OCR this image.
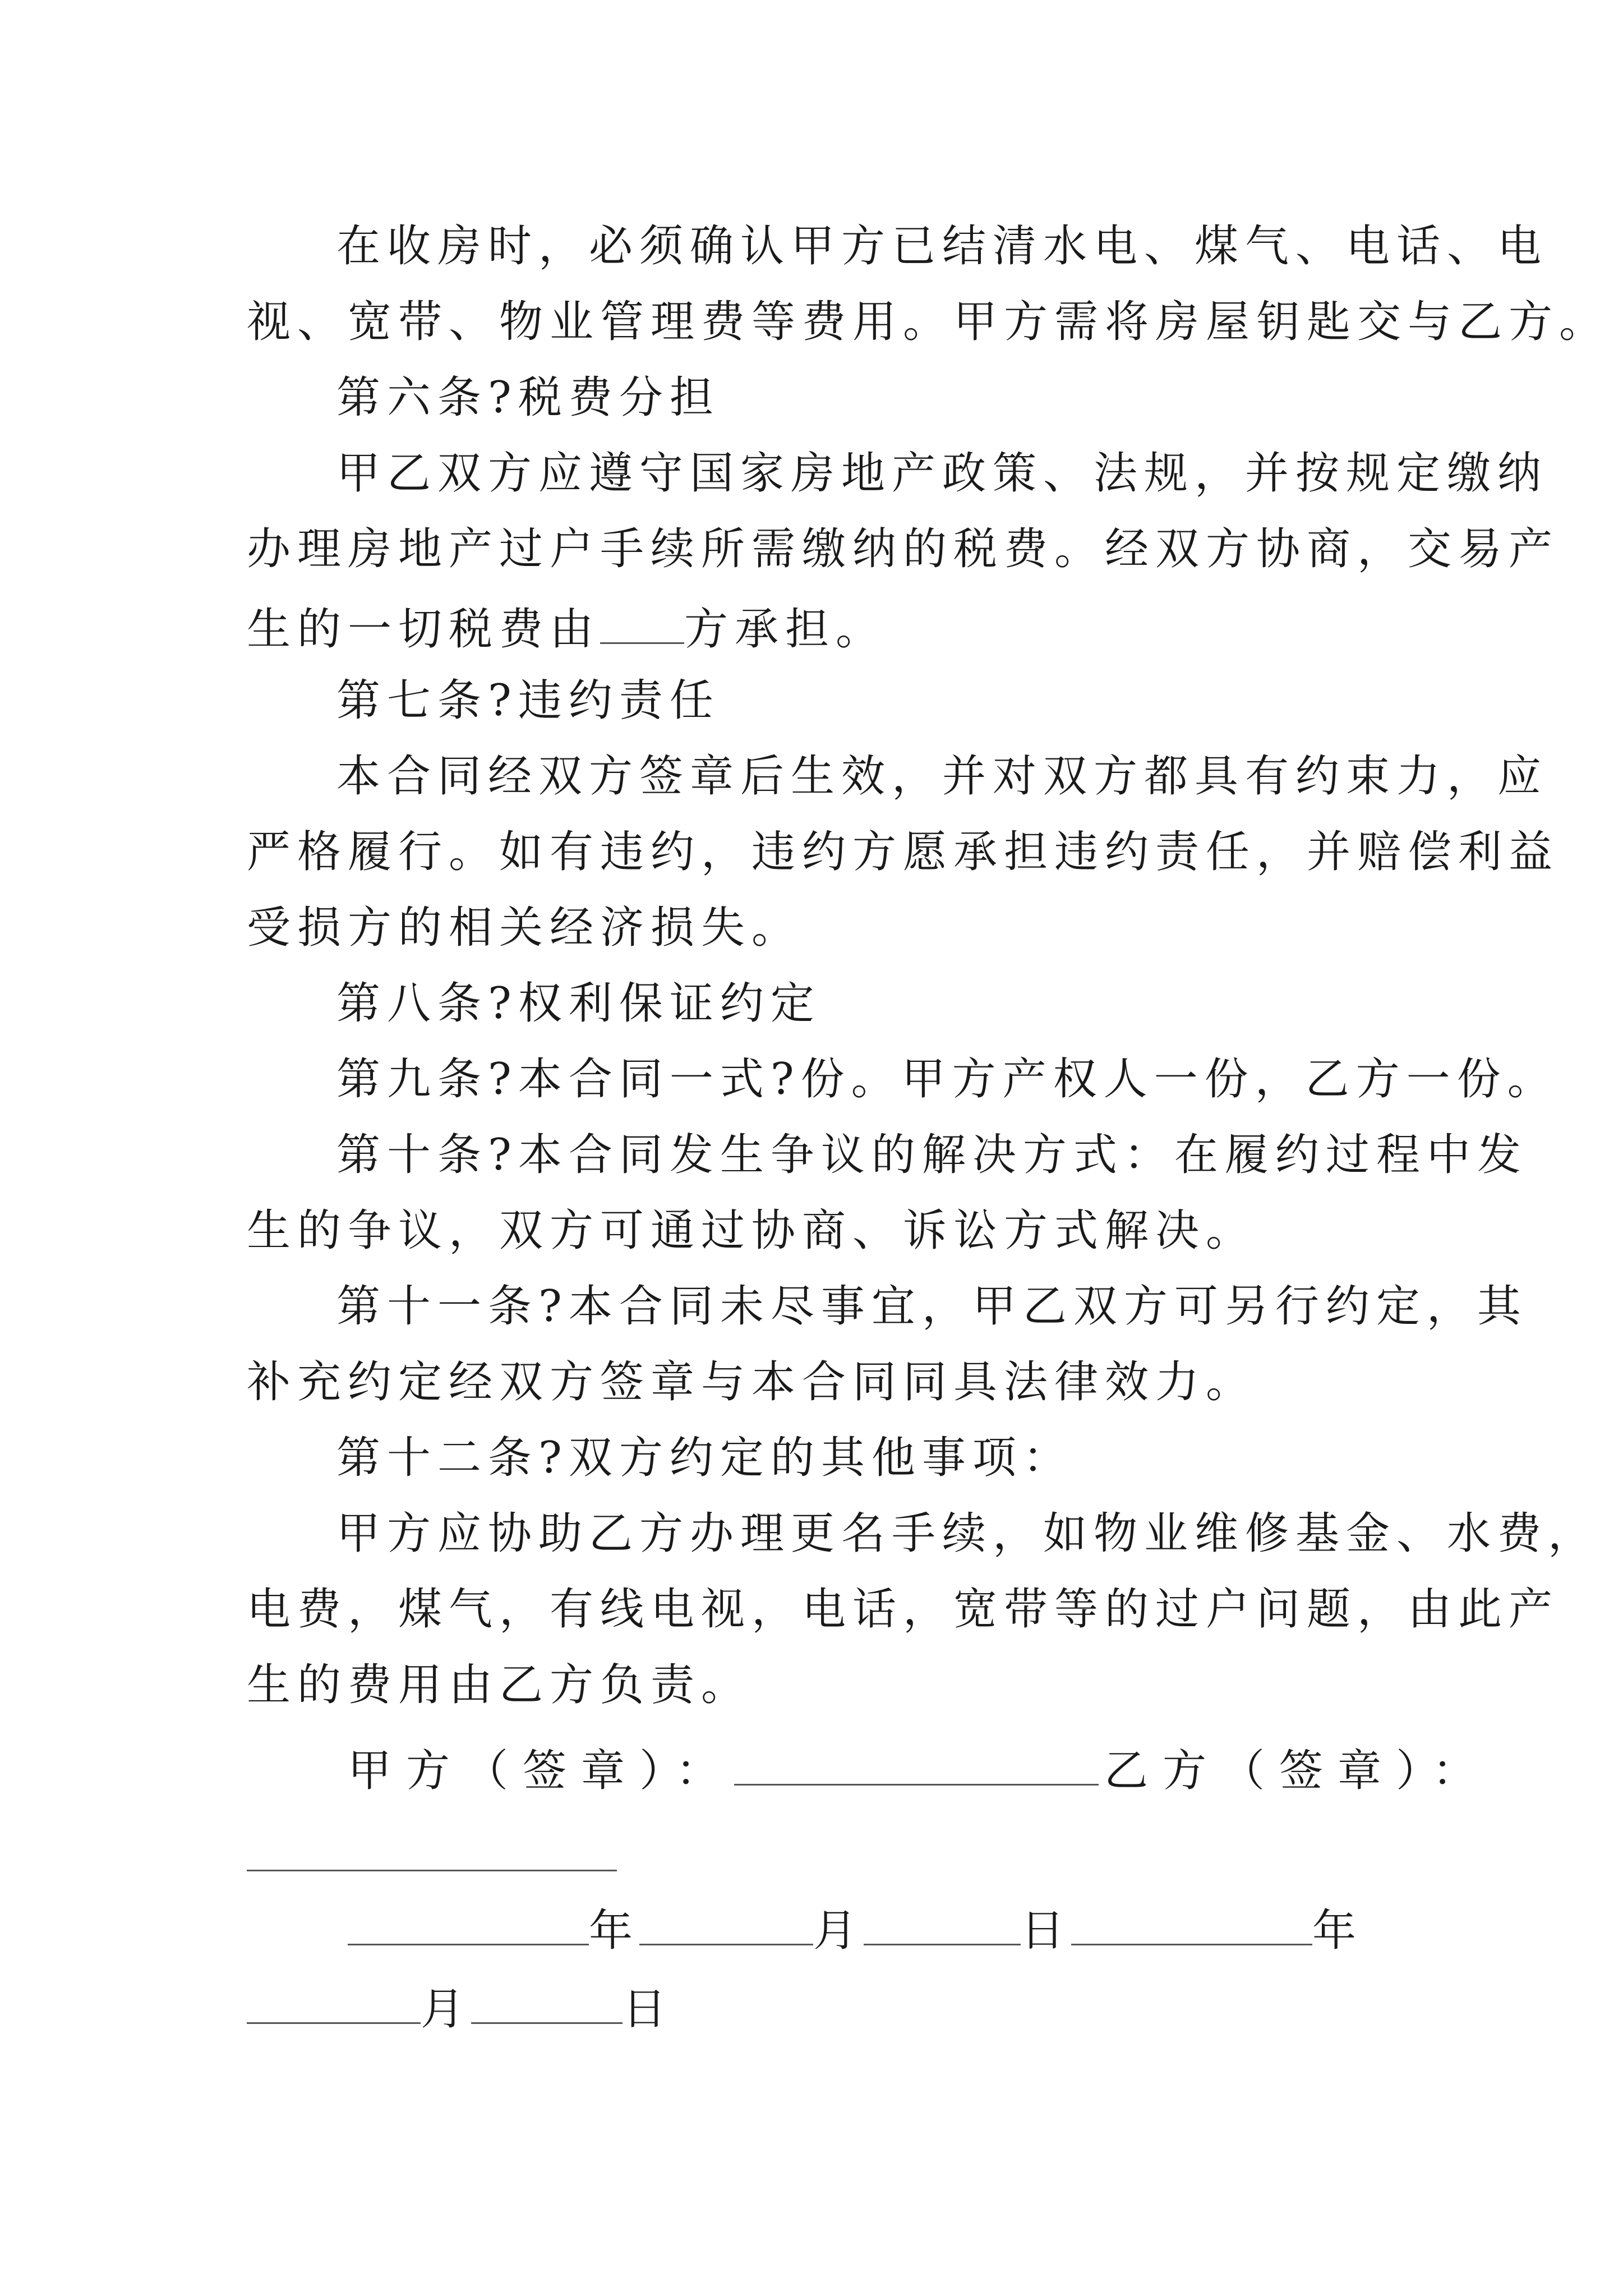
在收房时，必须确认甲方已结清水电、煤气、电话、电
视、宽带、物业管理费等费用。甲方需将房屋钥匙交与乙方。
第六条?税费分担
甲乙双方应遵守国家房地产政策、法规，并按规定缴纳
办理房地产过户手续所需缴纳的税费。经双方协商，交易产
生的一切税费由 方承担。
第七条?违约责任
本合同经双方签章后生效，并对双方都具有约束力，应
严格履行。如有违约，违约方愿承担违约责任，并赔偿利益
受损方的相关经济损失。
第八条?权利保证约定
第九条?本合同一式?份。甲方产权人一份，乙方一份。
第十条?本合同发生争议的解决方式：在履约过程中发
生的争议，双方可通过协商、诉讼方式解决。
第十一条?本合同未尽事宜，甲乙双方可另行约定，其
补充约定经双方签章与本合同同具法律效力。
第十二条?双方约定的其他事项：
甲方应协助乙方办理更名手续，如物业维修基金、水费，
电费，煤气，有线电视，电话，宽带等的过户问题，由此产
生的费用由乙方负责。
甲方（签章）：	乙方（签章）：
年	月	日	年
月	日
